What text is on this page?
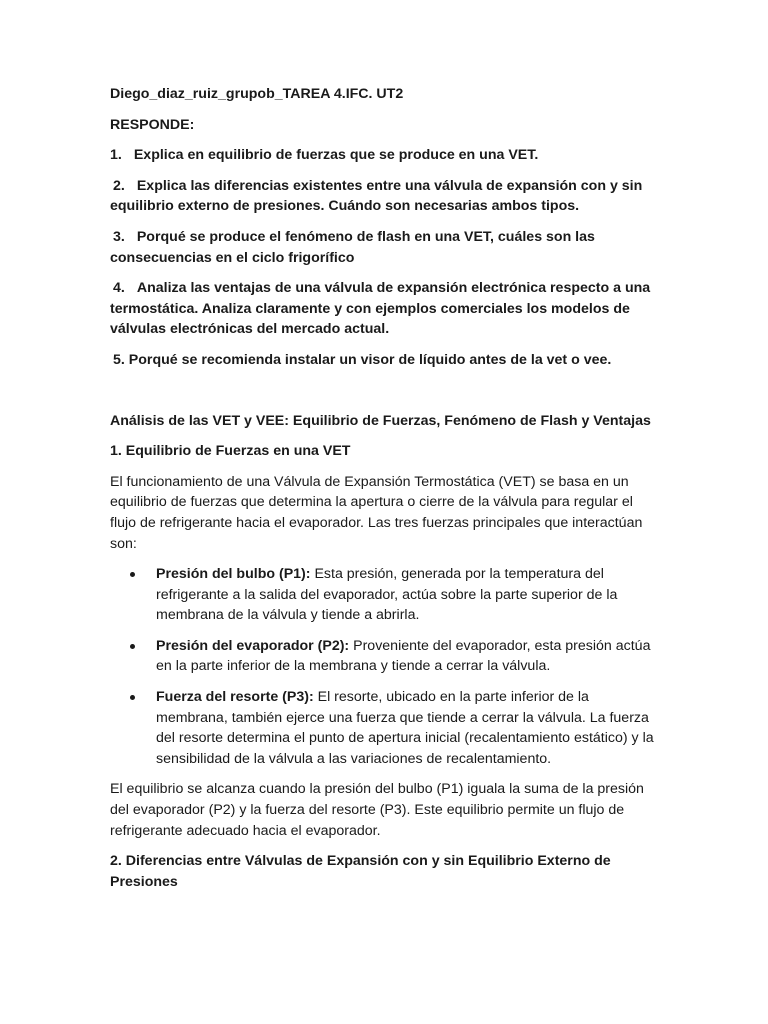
Diego_diaz_ruiz_grupob_TAREA 4.IFC. UT2

RESPONDE:

1. Explica en equilibrio de fuerzas que se produce en una VET.

2. Explica las diferencias existentes entre una válvula de expansión con y sin equilibrio externo de presiones. Cuándo son necesarias ambos tipos.

3. Porqué se produce el fenómeno de flash en una VET, cuáles son las consecuencias en el ciclo frigorífico

4. Analiza las ventajas de una válvula de expansión electrónica respecto a una termostática. Analiza claramente y con ejemplos comerciales los modelos de válvulas electrónicas del mercado actual.

5. Porqué se recomienda instalar un visor de líquido antes de la vet o vee.

Análisis de las VET y VEE: Equilibrio de Fuerzas, Fenómeno de Flash y Ventajas

1. Equilibrio de Fuerzas en una VET

El funcionamiento de una Válvula de Expansión Termostática (VET) se basa en un equilibrio de fuerzas que determina la apertura o cierre de la válvula para regular el flujo de refrigerante hacia el evaporador. Las tres fuerzas principales que interactúan son:

Presión del bulbo (P1): Esta presión, generada por la temperatura del refrigerante a la salida del evaporador, actúa sobre la parte superior de la membrana de la válvula y tiende a abrirla.
Presión del evaporador (P2): Proveniente del evaporador, esta presión actúa en la parte inferior de la membrana y tiende a cerrar la válvula.
Fuerza del resorte (P3): El resorte, ubicado en la parte inferior de la membrana, también ejerce una fuerza que tiende a cerrar la válvula. La fuerza del resorte determina el punto de apertura inicial (recalentamiento estático) y la sensibilidad de la válvula a las variaciones de recalentamiento.

El equilibrio se alcanza cuando la presión del bulbo (P1) iguala la suma de la presión del evaporador (P2) y la fuerza del resorte (P3). Este equilibrio permite un flujo de refrigerante adecuado hacia el evaporador.

2. Diferencias entre Válvulas de Expansión con y sin Equilibrio Externo de Presiones
